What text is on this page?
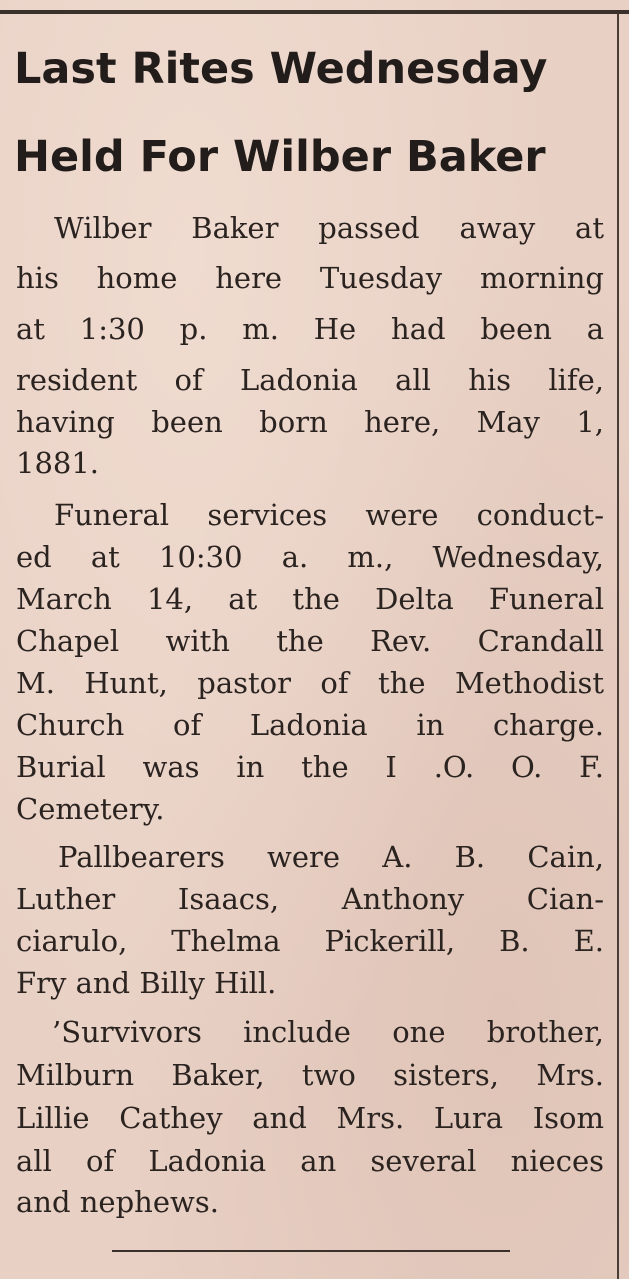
Last Rites Wednesday
Held For Wilber Baker
Wilber Baker passed away at
his home here Tuesday morning
at 1:30 p. m. He had been a
resident of Ladonia all his life,
having been born here, May 1,
1881.
Funeral services were conduct-
ed at 10:30 a. m., Wednesday,
March 14, at the Delta Funeral
Chapel with the Rev. Crandall
M. Hunt, pastor of the Methodist
Church of Ladonia in charge.
Burial was in the I .O. O. F.
Cemetery.
Pallbearers were A. B. Cain,
Luther Isaacs, Anthony Cian-
ciarulo, Thelma Pickerill, B. E.
Fry and Billy Hill.
’Survivors include one brother,
Milburn Baker, two sisters, Mrs.
Lillie Cathey and Mrs. Lura Isom
all of Ladonia an several nieces
and nephews.
